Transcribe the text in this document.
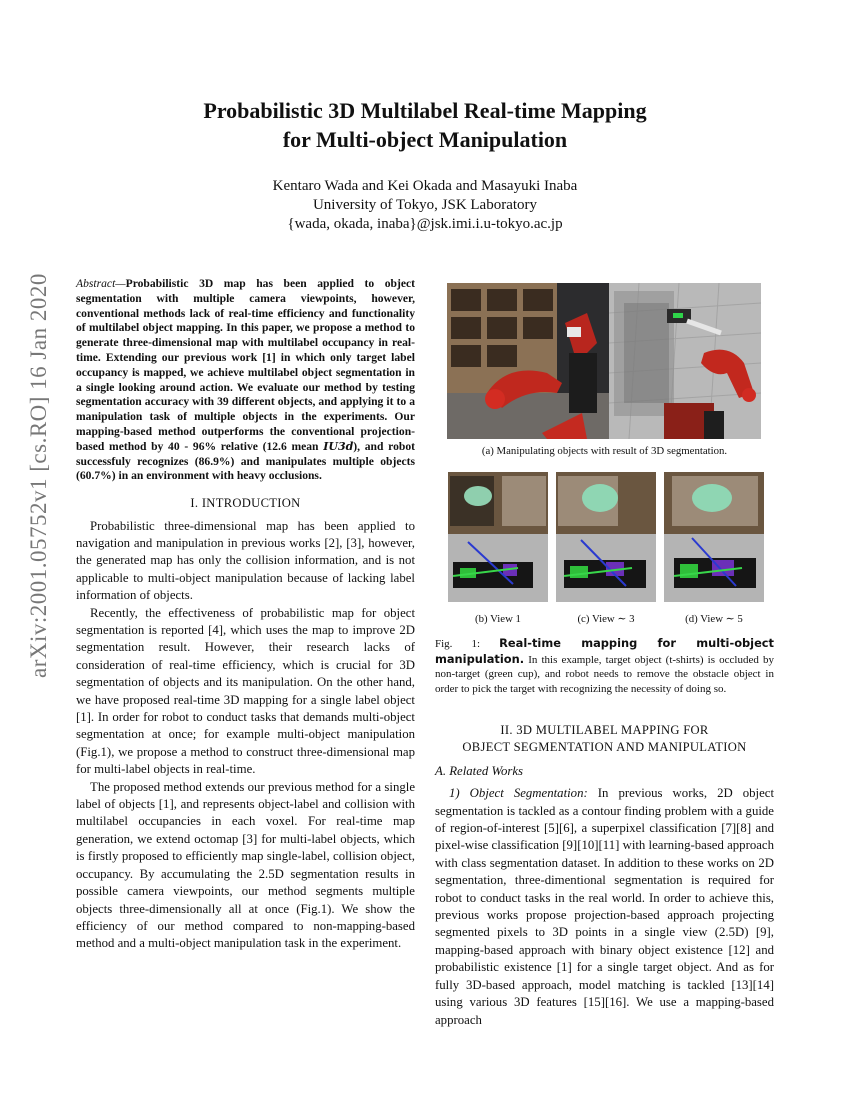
arXiv:2001.05752v1 [cs.RO] 16 Jan 2020
Probabilistic 3D Multilabel Real-time Mapping
for Multi-object Manipulation
Kentaro Wada and Kei Okada and Masayuki Inaba
University of Tokyo, JSK Laboratory
{wada, okada, inaba}@jsk.imi.i.u-tokyo.ac.jp
Abstract—Probabilistic 3D map has been applied to object segmentation with multiple camera viewpoints, however, conventional methods lack of real-time efficiency and functionality of multilabel object mapping. In this paper, we propose a method to generate three-dimensional map with multilabel occupancy in real-time. Extending our previous work [1] in which only target label occupancy is mapped, we achieve multilabel object segmentation in a single looking around action. We evaluate our method by testing segmentation accuracy with 39 different objects, and applying it to a manipulation task of multiple objects in the experiments. Our mapping-based method outperforms the conventional projection-based method by 40 - 96% relative (12.6 mean IU3d), and robot successfuly recognizes (86.9%) and manipulates multiple objects (60.7%) in an environment with heavy occlusions.
I. INTRODUCTION

Probabilistic three-dimensional map has been applied to navigation and manipulation in previous works [2], [3], however, the generated map has only the collision information, and is not applicable to multi-object manipulation because of lacking label information of objects.

Recently, the effectiveness of probabilistic map for object segmentation is reported [4], which uses the map to improve 2D segmentation result. However, their research lacks of consideration of real-time efficiency, which is crucial for 3D segmentation of objects and its manipulation. On the other hand, we have proposed real-time 3D mapping for a single label object [1]. In order for robot to conduct tasks that demands multi-object segmentation at once; for example multi-object manipulation (Fig.1), we propose a method to construct three-dimensional map for multi-label objects in real-time.

The proposed method extends our previous method for a single label of objects [1], and represents object-label and collision with multilabel occupancies in each voxel. For real-time map generation, we extend octomap [3] for multi-label objects, which is firstly proposed to efficiently map single-label, collision object, occupancy. By accumulating the 2.5D segmentation results in possible camera viewpoints, our method segments multiple objects three-dimensionally all at once (Fig.1). We show the efficiency of our method compared to non-mapping-based method and a multi-object manipulation task in the experiment.

(a) Manipulating objects with result of 3D segmentation.
(b) View 1	(c) View ∼ 3	(d) View ∼ 5
Fig. 1: Real-time mapping for multi-object manipulation. In this example, target object (t-shirts) is occluded by non-target (green cup), and robot needs to remove the obstacle object in order to pick the target with recognizing the necessity of doing so.
II. 3D MULTILABEL MAPPING FOR
OBJECT SEGMENTATION AND MANIPULATION
A. Related Works

1) Object Segmentation: In previous works, 2D object segmentation is tackled as a contour finding problem with a guide of region-of-interest [5][6], a superpixel classification [7][8] and pixel-wise classification [9][10][11] with learning-based approach with class segmentation dataset. In addition to these works on 2D segmentation, three-dimentional segmentation is required for robot to conduct tasks in the real world. In order to achieve this, previous works propose projection-based approach projecting segmented pixels to 3D points in a single view (2.5D) [9], mapping-based approach with binary object existence [12] and probabilistic existence [1] for a single target object. And as for fully 3D-based approach, model matching is tackled [13][14] using various 3D features [15][16]. We use a mapping-based approach
